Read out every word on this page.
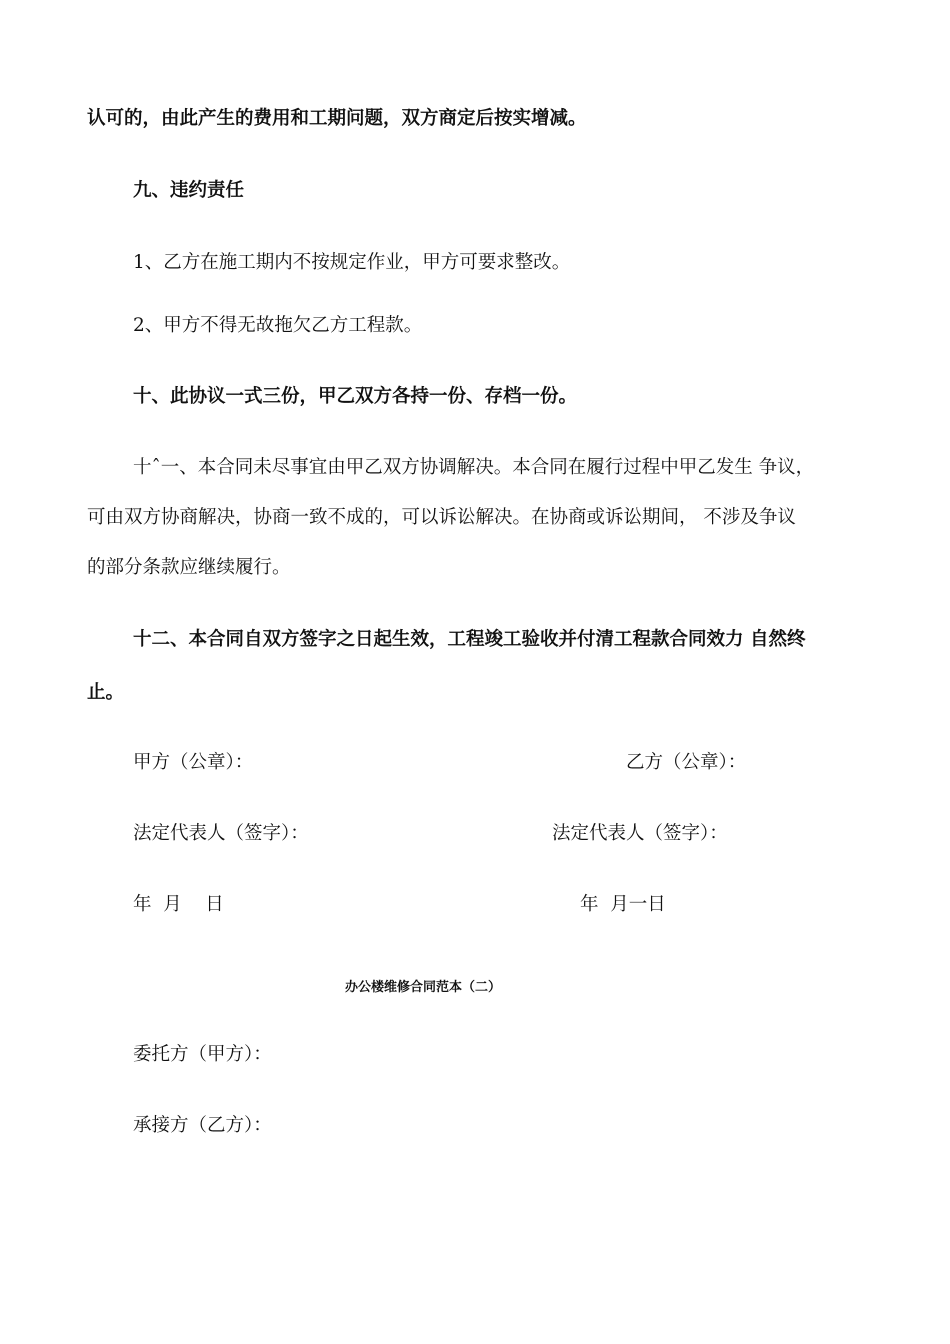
认可的，由此产生的费用和工期问题，双方商定后按实增减。
九、违约责任
1、乙方在施工期内不按规定作业，甲方可要求整改。
2、甲方不得无故拖欠乙方工程款。
十、此协议一式三份，甲乙双方各持一份、存档一份。
十ˆ一、本合同未尽事宜由甲乙双方协调解决。本合同在履行过程中甲乙发生 争议，
可由双方协商解决，协商一致不成的，可以诉讼解决。在协商或诉讼期间， 不涉及争议
的部分条款应继续履行。
十二、本合同自双方签字之日起生效，工程竣工验收并付清工程款合同效力 自然终
止。
甲方（公章）：	乙方（公章）：
法定代表人（签字）：	法定代表人（签字）：
年  月    日	年  月一日
办公楼维修合同范本（二）
委托方（甲方）：
承接方（乙方）：
